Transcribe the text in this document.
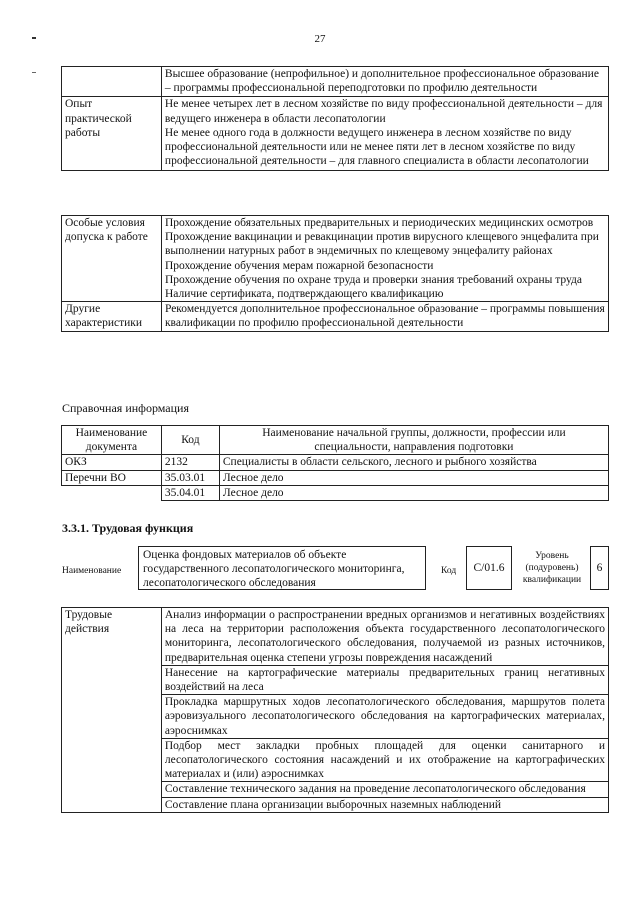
27

	Высшее образование (непрофильное) и дополнительное профессиональное образование – программы профессиональной переподготовки по профилю деятельности

Опыт практической работы	Не менее четырех лет в лесном хозяйстве по виду профессиональной деятельности – для ведущего инженера в области лесопатологии
Не менее одного года в должности ведущего инженера в лесном хозяйстве по виду профессиональной деятельности или не менее пяти лет в лесном хозяйстве по виду профессиональной деятельности – для главного специалиста в области лесопатологии
Особые условия допуска к работе	Прохождение обязательных предварительных и периодических медицинских осмотров
Прохождение вакцинации и ревакцинации против вирусного клещевого энцефалита при выполнении натурных работ в эндемичных по клещевому энцефалиту районах
Прохождение обучения мерам пожарной безопасности
Прохождение обучения по охране труда и проверки знания требований охраны труда
Наличие сертификата, подтверждающего квалификацию

Другие характеристики	Рекомендуется дополнительное профессиональное образование – программы повышения квалификации по профилю профессиональной деятельности
Справочная информация
Наименование документа	Код	Наименование начальной группы, должности, профессии или специальности, направления подготовки
ОКЗ	2132	Специалисты в области сельского, лесного и рыбного хозяйства
Перечни ВО	35.03.01	Лесное дело
	35.04.01	Лесное дело
3.3.1. Трудовая функция
Наименование
Оценка фондовых материалов об объекте государственного лесопатологического мониторинга, лесопатологического обследования
Код	С/01.6
Уровень (подуровень) квалификации
6
Трудовые действия	Анализ информации о распространении вредных организмов и негативных воздействиях на леса на территории расположения объекта государственного лесопатологического мониторинга, лесопатологического обследования, получаемой из разных источников, предварительная оценка степени угрозы повреждения насаждений
Нанесение на картографические материалы предварительных границ негативных воздействий на леса
Прокладка маршрутных ходов лесопатологического обследования, маршрутов полета аэровизуального лесопатологического обследования на картографических материалах, аэроснимках
Подбор мест закладки пробных площадей для оценки санитарного и лесопатологического состояния насаждений и их отображение на картографических материалах и (или) аэроснимках
Составление технического задания на проведение лесопатологического обследования
Составление плана организации выборочных наземных наблюдений
